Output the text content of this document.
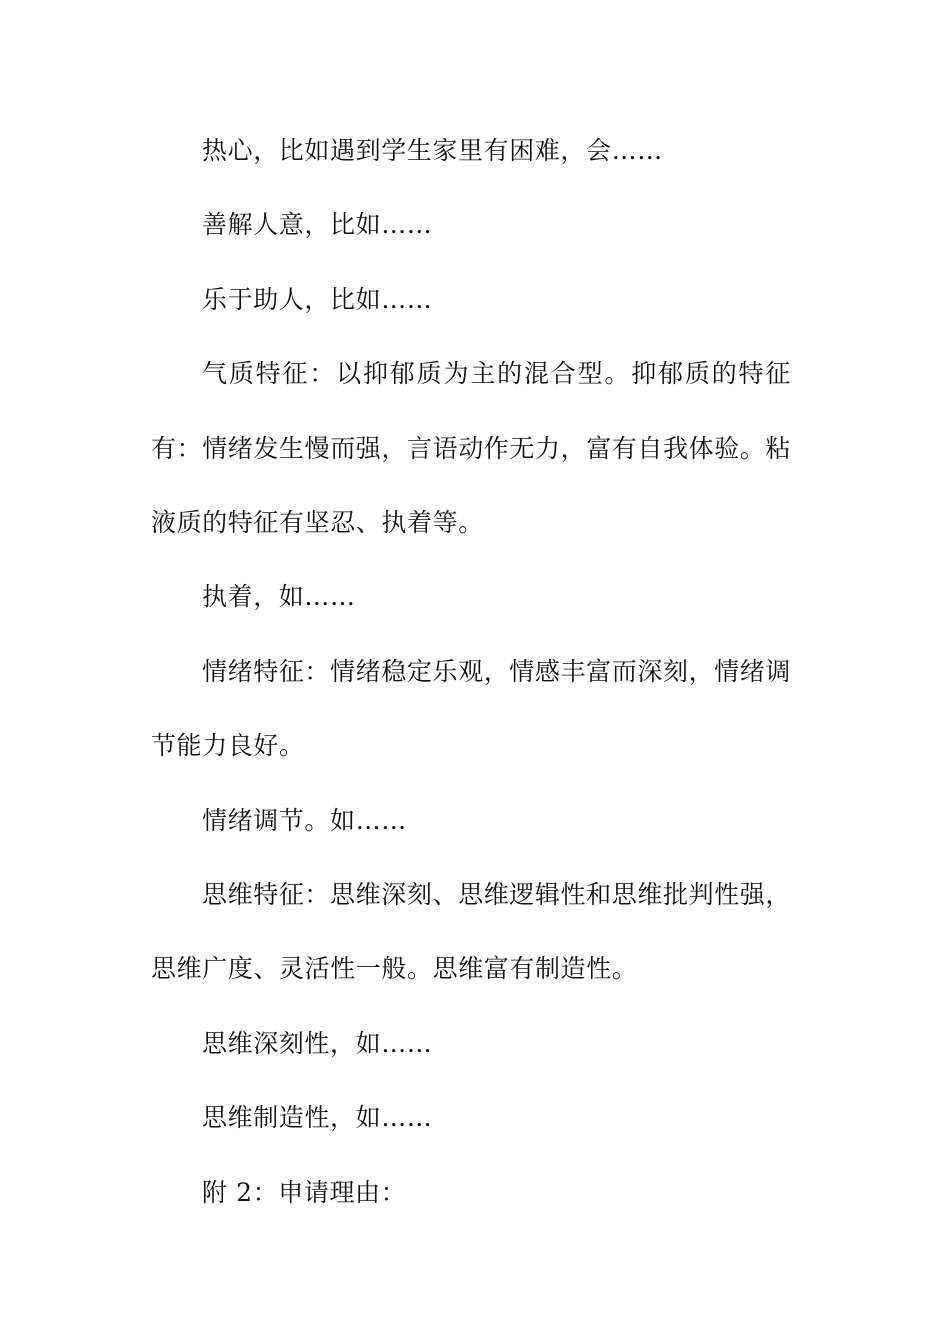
热心，比如遇到学生家里有困难，会……

善解人意，比如……

乐于助人，比如……

气质特征：以抑郁质为主的混合型。抑郁质的特征有：情绪发生慢而强，言语动作无力，富有自我体验。粘液质的特征有坚忍、执着等。

执着，如……

情绪特征：情绪稳定乐观，情感丰富而深刻，情绪调节能力良好。

情绪调节。如……

思维特征：思维深刻、思维逻辑性和思维批判性强，思维广度、灵活性一般。思维富有制造性。

思维深刻性，如……

思维制造性，如……

附 2：申请理由：
